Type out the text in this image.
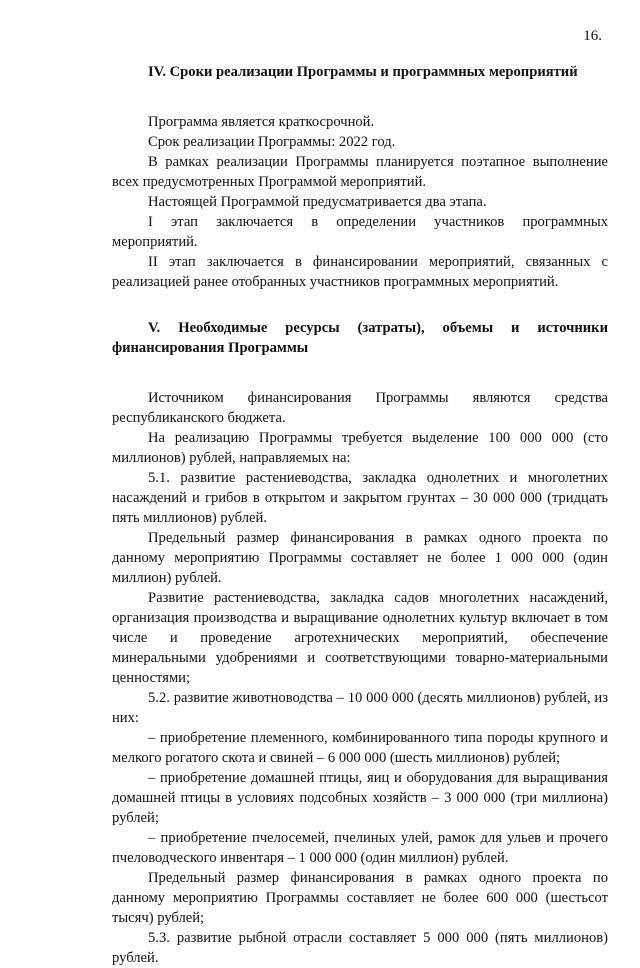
16.

IV. Сроки реализации Программы и программных мероприятий

Программа является краткосрочной.

Срок реализации Программы: 2022 год.

В рамках реализации Программы планируется поэтапное выполнение всех предусмотренных Программой мероприятий.

Настоящей Программой предусматривается два этапа.

I этап заключается в определении участников программных мероприятий.

II этап заключается в финансировании мероприятий, связанных с реализацией ранее отобранных участников программных мероприятий.

V. Необходимые ресурсы (затраты), объемы и источники финансирования Программы

Источником финансирования Программы являются средства республиканского бюджета.

На реализацию Программы требуется выделение 100 000 000 (сто миллионов) рублей, направляемых на:

5.1. развитие растениеводства, закладка однолетних и многолетних насаждений и грибов в открытом и закрытом грунтах – 30 000 000 (тридцать пять миллионов) рублей.

Предельный размер финансирования в рамках одного проекта по данному мероприятию Программы составляет не более 1 000 000 (один миллион) рублей.

Развитие растениеводства, закладка садов многолетних насаждений, организация производства и выращивание однолетних культур включает в том числе и проведение агротехнических мероприятий, обеспечение минеральными удобрениями и соответствующими товарно-материальными ценностями;

5.2. развитие животноводства – 10 000 000 (десять миллионов) рублей, из них:

– приобретение племенного, комбинированного типа породы крупного и мелкого рогатого скота и свиней – 6 000 000 (шесть миллионов) рублей;

– приобретение домашней птицы, яиц и оборудования для выращивания домашней птицы в условиях подсобных хозяйств – 3 000 000 (три миллиона) рублей;

– приобретение пчелосемей, пчелиных улей, рамок для ульев и прочего пчеловодческого инвентаря – 1 000 000 (один миллион) рублей.

Предельный размер финансирования в рамках одного проекта по данному мероприятию Программы составляет не более 600 000 (шестьсот тысяч) рублей;

5.3. развитие рыбной отрасли составляет 5 000 000 (пять миллионов) рублей.
